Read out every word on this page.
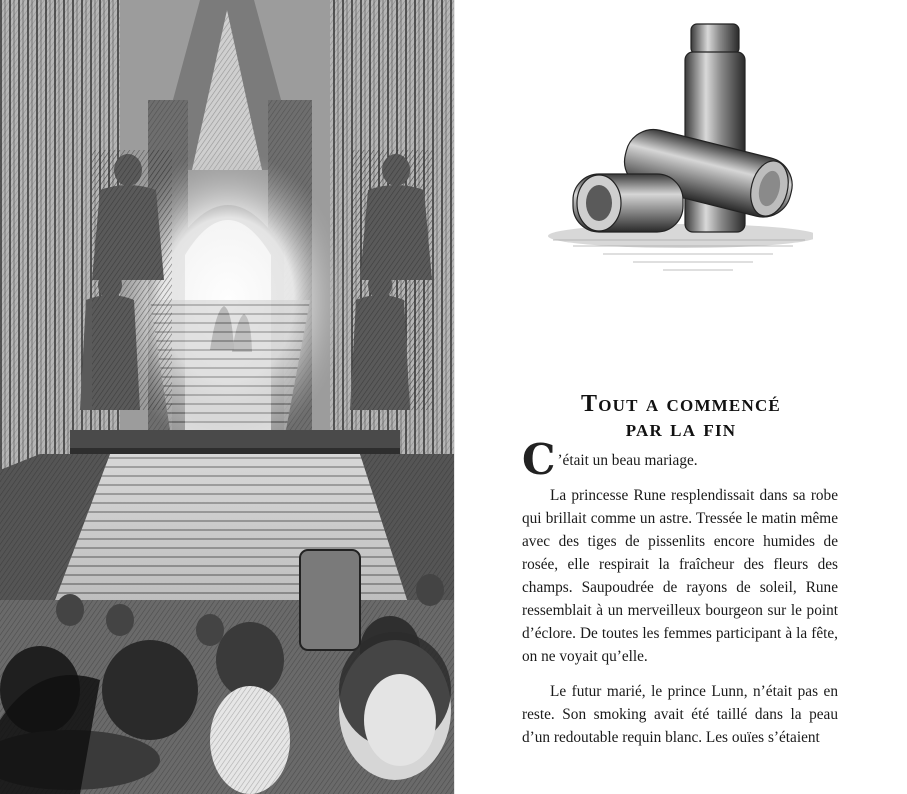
Tout a commencé
par la fin

C ’était un beau mariage.

La princesse Rune resplendissait dans sa robe qui brillait comme un astre. Tressée le matin même avec des tiges de pissenlits encore humides de rosée, elle respirait la fraîcheur des fleurs des champs. Saupoudrée de rayons de soleil, Rune ressemblait à un merveilleux bourgeon sur le point d’éclore. De toutes les femmes participant à la fête, on ne voyait qu’elle.

Le futur marié, le prince Lunn, n’était pas en reste. Son smoking avait été taillé dans la peau d’un redoutable requin blanc. Les ouïes s’étaient
